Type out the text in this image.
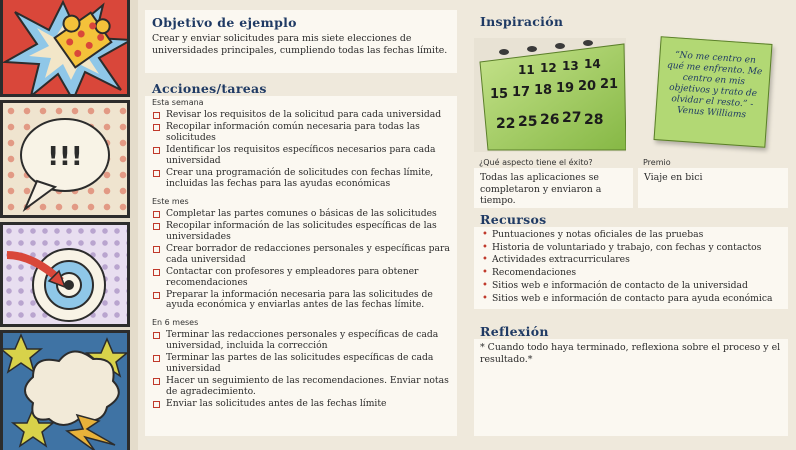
!!!
Objetivo de ejemplo
Crear y enviar solicitudes para mis siete elecciones de universidades principales, cumpliendo todas las fechas límite.
Acciones/tareas
Esta semana
Revisar los requisitos de la solicitud para cada universidad
Recopilar información común necesaria para todas las solicitudes
Identificar los requisitos específicos necesarios para cada universidad
Crear una programación de solicitudes con fechas límite, incluidas las fechas para las ayudas económicas
Este mes
Completar las partes comunes o básicas de las solicitudes
Recopilar información de las solicitudes específicas de las universidades
Crear borrador de redacciones personales y específicas para cada universidad
Contactar con profesores y empleadores para obtener recomendaciones
Preparar la información necesaria para las solicitudes de ayuda económica y enviarlas antes de las fechas límite.
En 6 meses
Terminar las redacciones personales y específicas de cada universidad, incluida la corrección
Terminar las partes de las solicitudes específicas de cada universidad
Hacer un seguimiento de las recomendaciones. Enviar notas de agradecimiento.
Enviar las solicitudes antes de las fechas límite
Inspiración
11 12 13 14
15 17 18 19 20 21
22 25 26 27 28
“No me centro en qué me enfrento. Me centro en mis objetivos y trato de olvidar el resto.” - Venus Williams
¿Qué aspecto tiene el éxito?	Premio
Todas las aplicaciones se completaron y enviaron a tiempo.
Viaje en bici
Recursos
• Puntuaciones y notas oficiales de las pruebas
• Historia de voluntariado y trabajo, con fechas y contactos
• Actividades extracurriculares
• Recomendaciones
• Sitios web e información de contacto de la universidad
• Sitios web e información de contacto para ayuda económica
Reflexión
* Cuando todo haya terminado, reflexiona sobre el proceso y el resultado.*
